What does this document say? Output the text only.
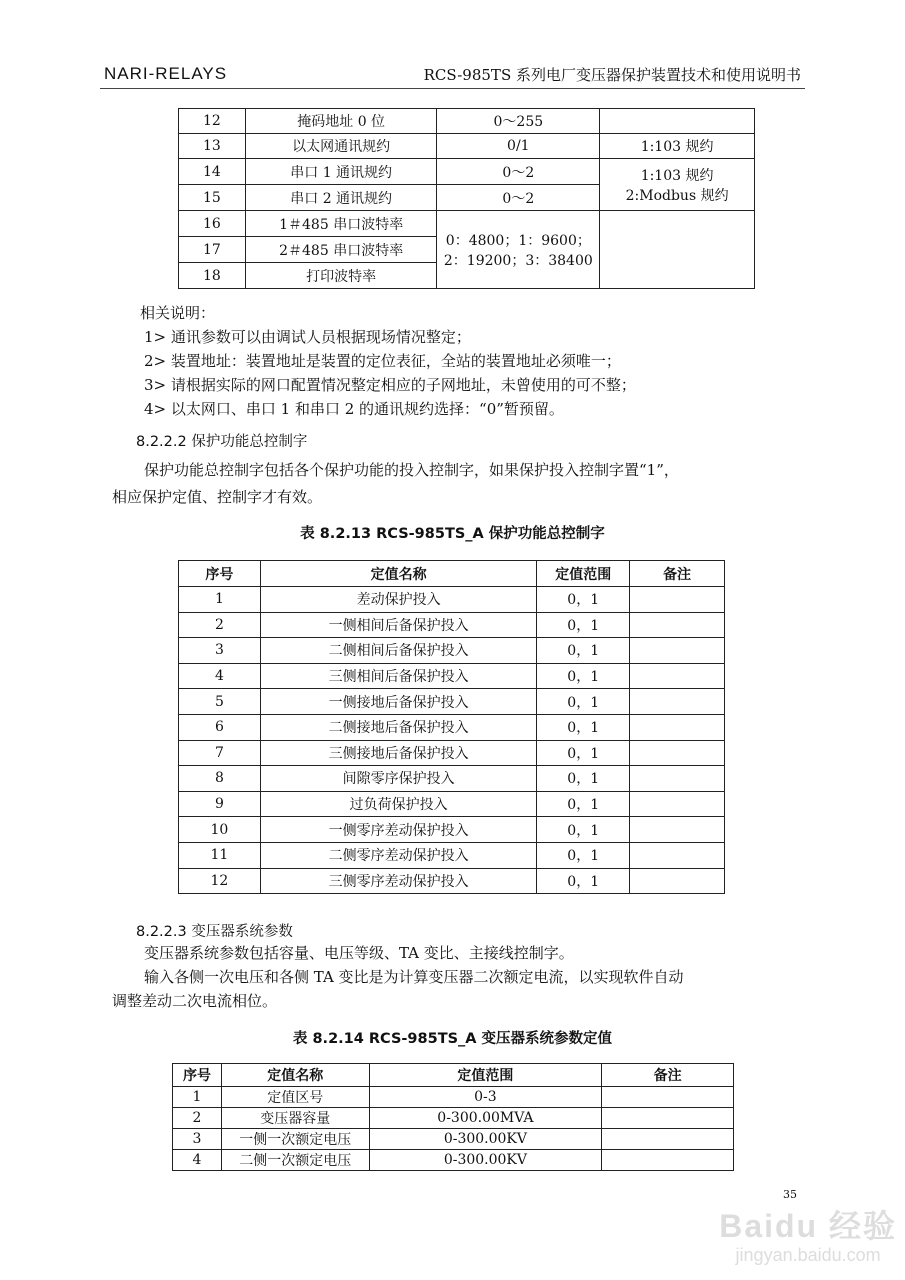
NARI-RELAYS	RCS-985TS 系列电厂变压器保护装置技术和使用说明书
12	掩码地址 0 位	0～255	
13	以太网通讯规约	0/1	1:103 规约
14	串口 1 通讯规约	0～2	1:103 规约
2:Modbus 规约

15	串口 2 通讯规约	0～2	
16	1＃485 串口波特率	0：4800；1：9600；
2：19200；3：38400	

17	2＃485 串口波特率		
18	打印波特率		
相关说明：
1> 通讯参数可以由调试人员根据现场情况整定；
2> 装置地址：装置地址是装置的定位表征，全站的装置地址必须唯一；
3> 请根据实际的网口配置情况整定相应的子网地址，未曾使用的可不整；
4> 以太网口、串口 1 和串口 2 的通讯规约选择：“0”暂预留。
8.2.2.2 保护功能总控制字
保护功能总控制字包括各个保护功能的投入控制字，如果保护投入控制字置“1”，
相应保护定值、控制字才有效。
表 8.2.13 RCS-985TS_A 保护功能总控制字
序号	定值名称	定值范围	备注
1	差动保护投入	0，1	
2	一侧相间后备保护投入	0，1	
3	二侧相间后备保护投入	0，1	
4	三侧相间后备保护投入	0，1	
5	一侧接地后备保护投入	0，1	
6	二侧接地后备保护投入	0，1	
7	三侧接地后备保护投入	0，1	
8	间隙零序保护投入	0，1	
9	过负荷保护投入	0，1	
10	一侧零序差动保护投入	0，1	
11	二侧零序差动保护投入	0，1	
12	三侧零序差动保护投入	0，1	
8.2.2.3 变压器系统参数
变压器系统参数包括容量、电压等级、TA 变比、主接线控制字。
输入各侧一次电压和各侧 TA 变比是为计算变压器二次额定电流，以实现软件自动
调整差动二次电流相位。
表 8.2.14 RCS-985TS_A 变压器系统参数定值
序号	定值名称	定值范围	备注
1	定值区号	0-3	
2	变压器容量	0-300.00MVA	
3	一侧一次额定电压	0-300.00KV	
4	二侧一次额定电压	0-300.00KV	
35
Baidu 经验
jingyan.baidu.com
